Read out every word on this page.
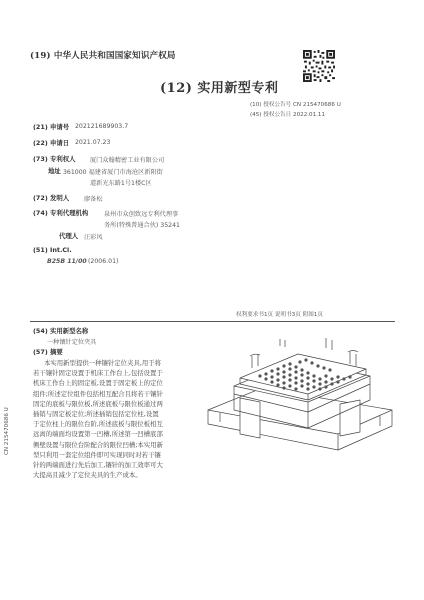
(19) 中华人民共和国国家知识产权局
(12) 实用新型专利
(10) 授权公告号 CN 215470686 U
(45) 授权公告日 2022.01.11
(21) 申请号 202121689903.7
(22) 申请日 2021.07.23
(73) 专利权人 厦门众翰精密工业有限公司
地址 361000 福建省厦门市海沧区新阳街
道新光东路1号1楼C区
(72) 发明人 廖备松
(74) 专利代理机构	泉州市众创致远专利代理事
务所(特殊普通合伙) 35241
代理人 汪彩凤
(51) Int.Cl.
B25B 11/00 (2006.01)
权利要求书1页 说明书3页 附图1页
(54) 实用新型名称
一种镶针定位夹具
(57) 摘要
本实用新型提供一种镶针定位夹具,用于将
若干镶针固定设置于机床工作台上,包括设置于
机床工作台上的固定板,设置于固定板上的定位
组件;所述定位组件包括相互配合且将若干镶针
固定的底板与限位板,所述底板与限位板通过两
插销与固定板定位;所述插销包括定位柱,设置
于定位柱上的限位台阶,所述底板与限位板相互
远离的端面均设置第一凹槽,所述第一凹槽底部
侧壁设置与限位台阶配合的限位凹槽;本实用新
型只利用一套定位组件即可实现同时对若干镶
针的两端面进行先后加工,镶针的加工效率可大
大提高且减少了定位夹具的生产成本。
CN 215470686 U
